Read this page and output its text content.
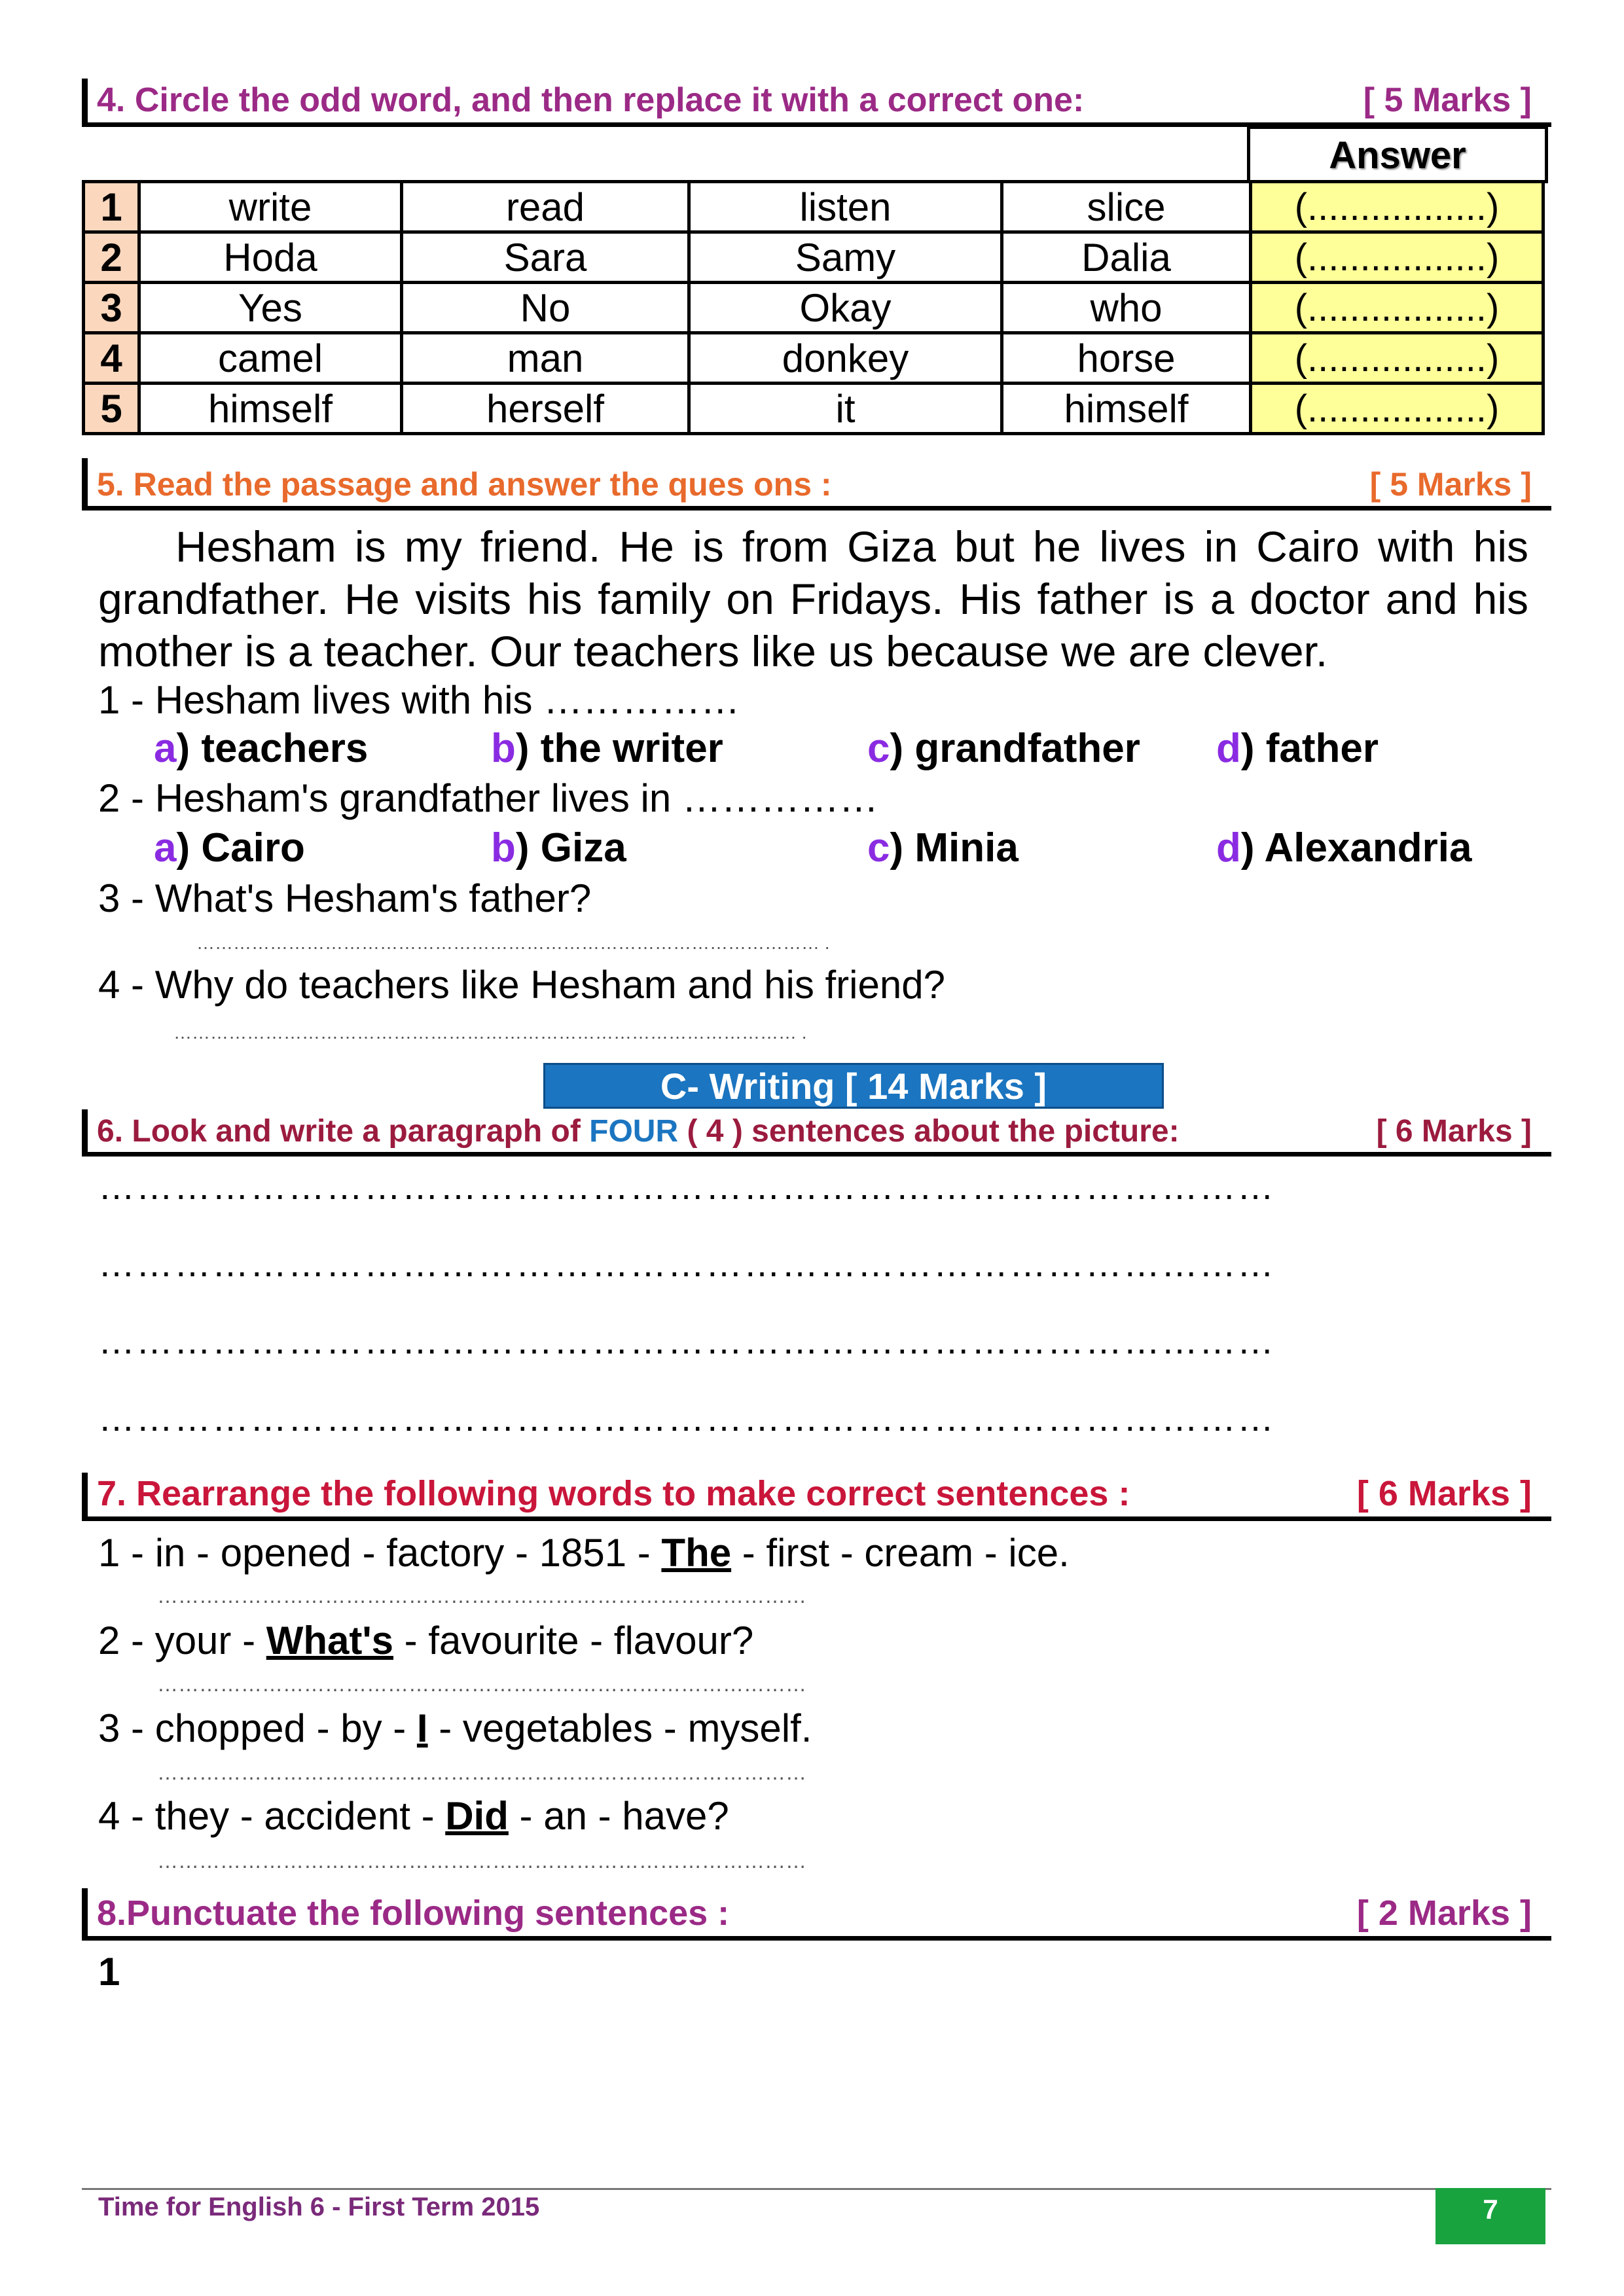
4. Circle the odd word, and then replace it with a correct one:	[ 5 Marks ]
Answer
1	write	read	listen	slice	(.................)
2	Hoda	Sara	Samy	Dalia	(.................)
3	Yes	No	Okay	who	(.................)
4	camel	man	donkey	horse	(.................)
5	himself	herself	it	himself	(.................)
5. Read the passage and answer the ques ons :	[ 5 Marks ]

Hesham is my friend. He is from Giza but he lives in Cairo with his grandfather. He visits his family on Fridays. His father is a doctor and his mother is a teacher. Our teachers like us because we are clever.

1 - Hesham lives with his ……………
a) teachers	b) the writer	c) grandfather d) father
2 - Hesham's grandfather lives in ……………
a) Cairo	b) Giza	c) Minia	d) Alexandria
3 - What's Hesham's father?
………………………………………………………………………………………… .
4 - Why do teachers like Hesham and his friend?
………………………………………………………………………………………… .
C- Writing [ 14 Marks ]
6. Look and write a paragraph of FOUR ( 4 ) sentences about the picture:	[ 6 Marks ]
…………………………………………………………………………………
…………………………………………………………………………………
…………………………………………………………………………………
…………………………………………………………………………………
7. Rearrange the following words to make correct sentences :	[ 6 Marks ]
1 - in - opened - factory - 1851 - The - first - cream - ice.
…………………………………………………………………………………
2 - your - What's - favourite - flavour?
…………………………………………………………………………………
3 - chopped - by - I - vegetables - myself.
…………………………………………………………………………………
4 - they - accident - Did - an - have?
…………………………………………………………………………………
8.Punctuate the following sentences :	[ 2 Marks ]
1
Time for English 6 - First Term 2015	7
